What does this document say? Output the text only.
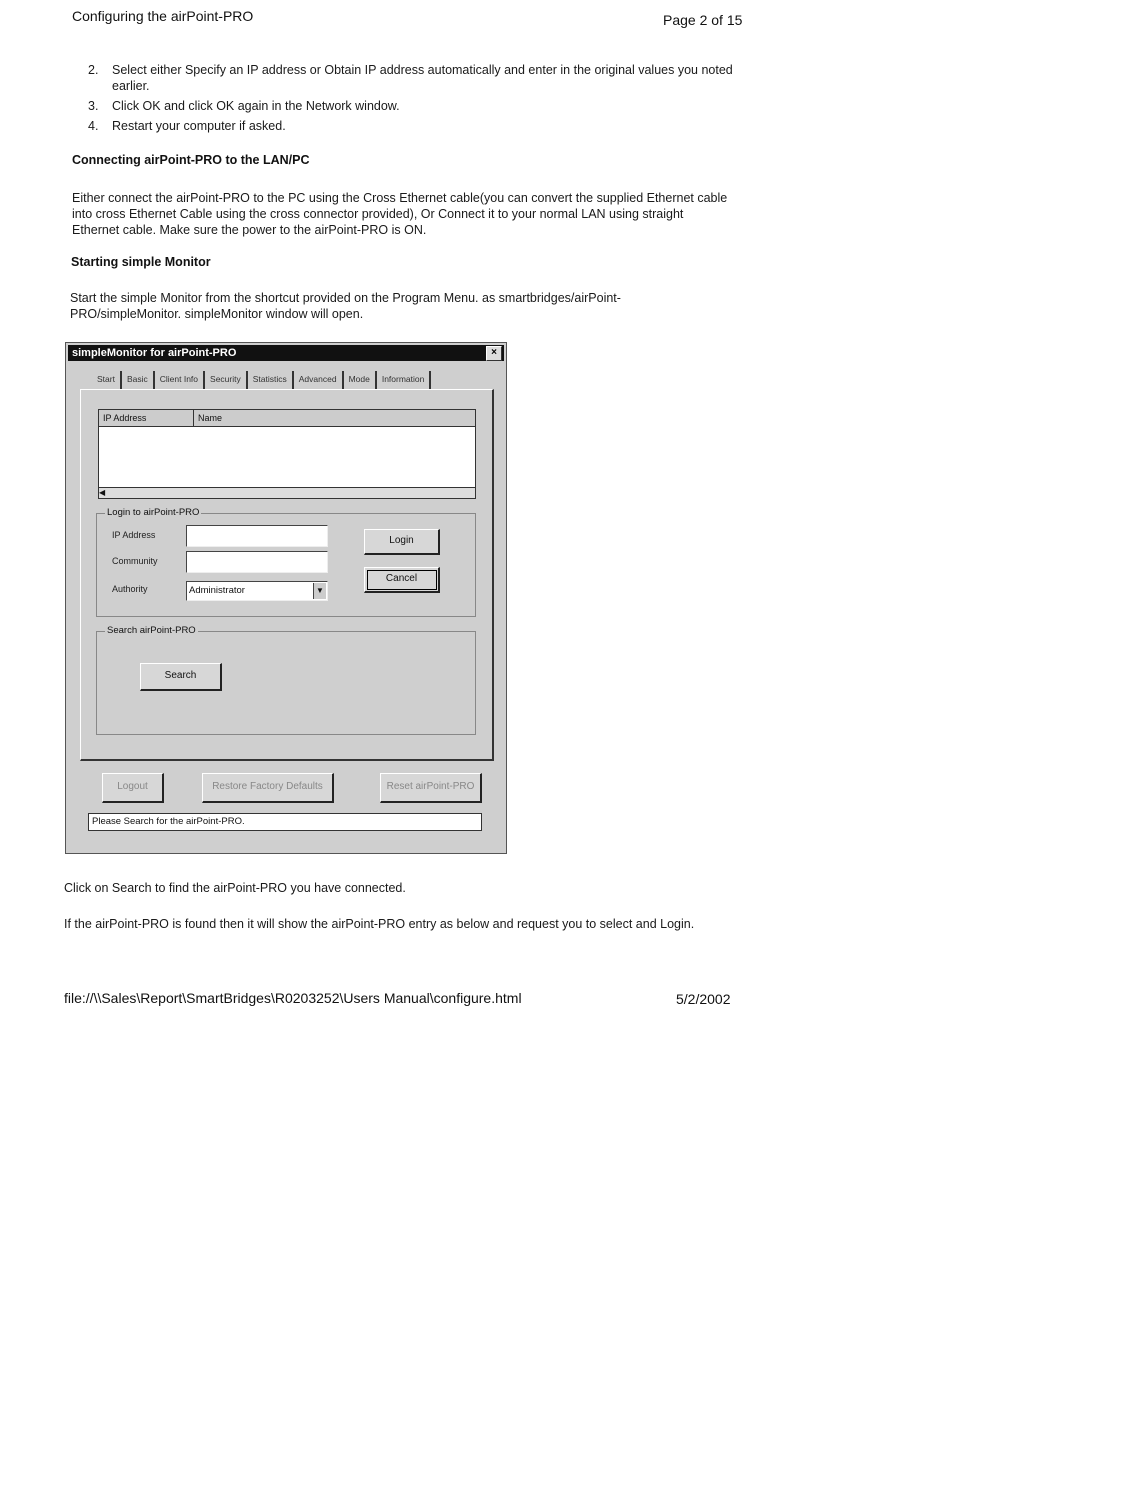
Configuring the airPoint-PRO	Page 2 of 15
2. Select either Specify an IP address or Obtain IP address automatically and enter in the original values you noted earlier.
3. Click OK and click OK again in the Network window.
4. Restart your computer if asked.
Connecting airPoint-PRO to the LAN/PC
Either connect the airPoint-PRO to the PC using the Cross Ethernet cable(you can convert the supplied Ethernet cable into cross Ethernet Cable using the cross connector provided), Or Connect it to your normal LAN using straight Ethernet cable. Make sure the power to the airPoint-PRO is ON.
Starting simple Monitor
Start the simple Monitor from the shortcut provided on the Program Menu. as smartbridges/airPoint-PRO/simpleMonitor. simpleMonitor window will open.
simpleMonitor for airPoint-PRO	×
Start	Basic	Client Info	Security	Statistics	Advanced	Mode	Information
IP Address	Name
◀
Login to airPoint-PRO
IP Address
Community
Authority	Administrator	▼
Login
Cancel
Search airPoint-PRO
Search
Logout	Restore Factory Defaults	Reset airPoint-PRO
Please Search for the airPoint-PRO.
Click on Search to find the airPoint-PRO you have connected.
If the airPoint-PRO is found then it will show the airPoint-PRO entry as below and request you to select and Login.
file://\\Sales\Report\SmartBridges\R0203252\Users Manual\configure.html	5/2/2002
